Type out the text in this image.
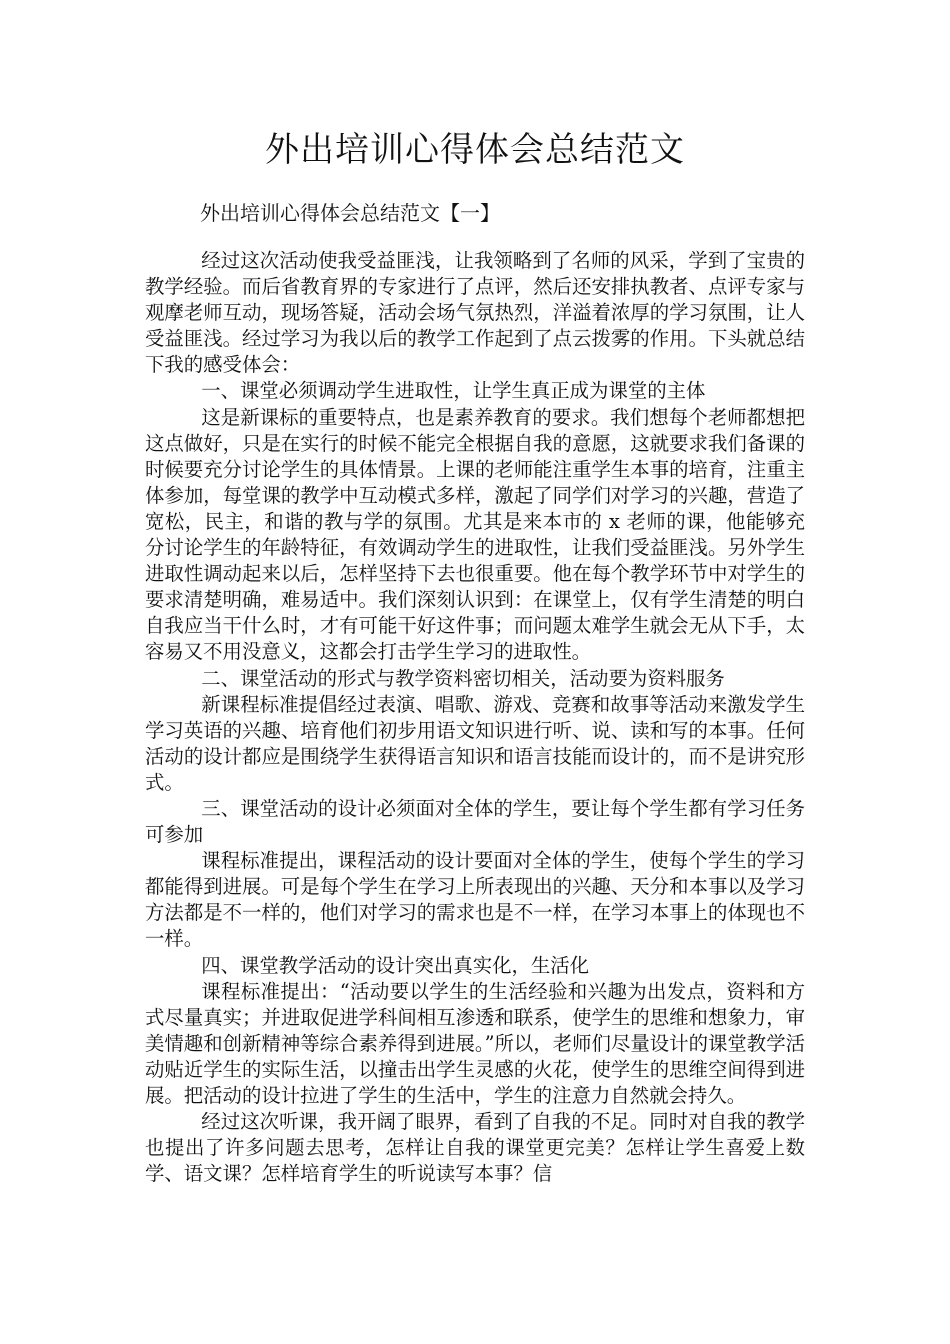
外出培训心得体会总结范文
外出培训心得体会总结范文【一】

经过这次活动使我受益匪浅，让我领略到了名师的风采，学到了宝贵的教学经验。而后省教育界的专家进行了点评，然后还安排执教者、点评专家与观摩老师互动，现场答疑，活动会场气氛热烈，洋溢着浓厚的学习氛围，让人受益匪浅。经过学习为我以后的教学工作起到了点云拨雾的作用。下头就总结下我的感受体会：

一、课堂必须调动学生进取性，让学生真正成为课堂的主体

这是新课标的重要特点，也是素养教育的要求。我们想每个老师都想把这点做好，只是在实行的时候不能完全根据自我的意愿，这就要求我们备课的时候要充分讨论学生的具体情景。上课的老师能注重学生本事的培育，注重主体参加，每堂课的教学中互动模式多样，激起了同学们对学习的兴趣，营造了宽松，民主，和谐的教与学的氛围。尤其是来本市的 x 老师的课，他能够充分讨论学生的年龄特征，有效调动学生的进取性，让我们受益匪浅。另外学生进取性调动起来以后，怎样坚持下去也很重要。他在每个教学环节中对学生的要求清楚明确，难易适中。我们深刻认识到：在课堂上，仅有学生清楚的明白自我应当干什么时，才有可能干好这件事；而问题太难学生就会无从下手，太容易又不用没意义，这都会打击学生学习的进取性。

二、课堂活动的形式与教学资料密切相关，活动要为资料服务

新课程标准提倡经过表演、唱歌、游戏、竞赛和故事等活动来激发学生学习英语的兴趣、培育他们初步用语文知识进行听、说、读和写的本事。任何活动的设计都应是围绕学生获得语言知识和语言技能而设计的，而不是讲究形式。

三、课堂活动的设计必须面对全体的学生，要让每个学生都有学习任务可参加

课程标准提出，课程活动的设计要面对全体的学生，使每个学生的学习都能得到进展。可是每个学生在学习上所表现出的兴趣、天分和本事以及学习方法都是不一样的，他们对学习的需求也是不一样，在学习本事上的体现也不一样。

四、课堂教学活动的设计突出真实化，生活化

课程标准提出：“活动要以学生的生活经验和兴趣为出发点，资料和方式尽量真实；并进取促进学科间相互渗透和联系，使学生的思维和想象力，审美情趣和创新精神等综合素养得到进展。”所以，老师们尽量设计的课堂教学活动贴近学生的实际生活，以撞击出学生灵感的火花，使学生的思维空间得到进展。把活动的设计拉进了学生的生活中，学生的注意力自然就会持久。

经过这次听课，我开阔了眼界，看到了自我的不足。同时对自我的教学也提出了许多问题去思考，怎样让自我的课堂更完美？怎样让学生喜爱上数学、语文课？怎样培育学生的听说读写本事？信
